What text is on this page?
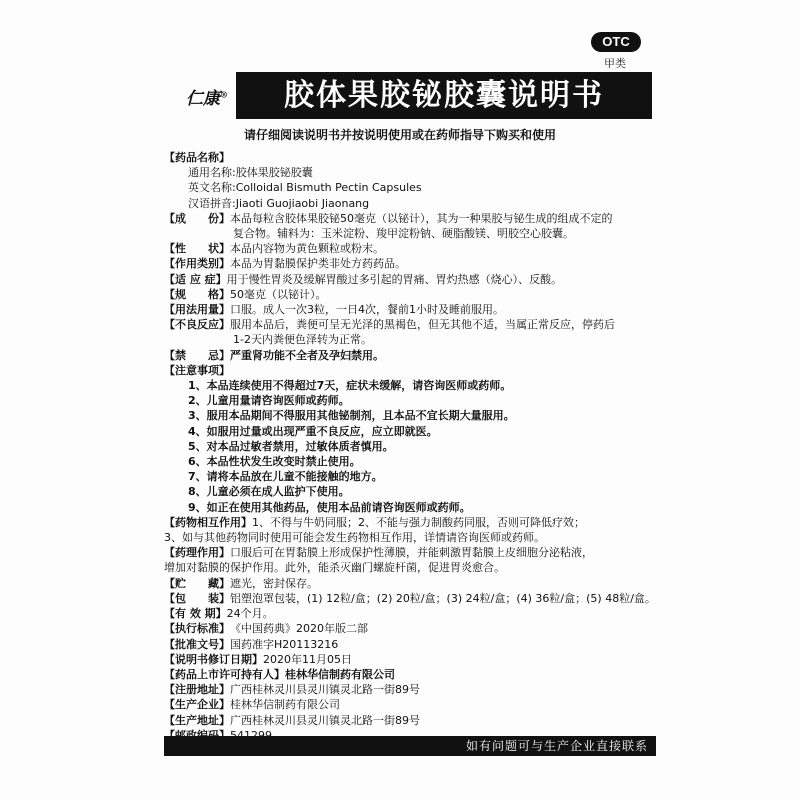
OTC
甲类
仁康®	胶体果胶铋胶囊说明书
请仔细阅读说明书并按说明使用或在药师指导下购买和使用
【药品名称】
通用名称: 胶体果胶铋胶囊
英文名称: Colloidal Bismuth Pectin Capsules
汉语拼音: Jiaoti Guojiaobi Jiaonang
【成　　份】 本品每粒含胶体果胶铋50毫克（以铋计），其为一种果胶与铋生成的组成不定的
复合物。辅料为：玉米淀粉、羧甲淀粉钠、硬脂酸镁、明胶空心胶囊。
【性　　状】 本品内容物为黄色颗粒或粉末。
【作用类别】 本品为胃黏膜保护类非处方药药品。
【适 应 症】 用于慢性胃炎及缓解胃酸过多引起的胃痛、胃灼热感（烧心）、反酸。
【规　　格】 50毫克（以铋计）。
【用法用量】 口服。成人一次3粒，一日4次，餐前1小时及睡前服用。
【不良反应】 服用本品后，粪便可呈无光泽的黑褐色，但无其他不适，当属正常反应，停药后
1-2天内粪便色泽转为正常。
【禁　　忌】 严重肾功能不全者及孕妇禁用。
【注意事项】
1、本品连续使用不得超过7天，症状未缓解，请咨询医师或药师。
2、儿童用量请咨询医师或药师。
3、服用本品期间不得服用其他铋制剂，且本品不宜长期大量服用。
4、如服用过量或出现严重不良反应，应立即就医。
5、对本品过敏者禁用，过敏体质者慎用。
6、本品性状发生改变时禁止使用。
7、请将本品放在儿童不能接触的地方。
8、儿童必须在成人监护下使用。
9、如正在使用其他药品，使用本品前请咨询医师或药师。
【药物相互作用】 1、不得与牛奶同服；2、不能与强力制酸药同服，否则可降低疗效；
3、如与其他药物同时使用可能会发生药物相互作用，详情请咨询医师或药师。
【药理作用】 口服后可在胃黏膜上形成保护性薄膜，并能刺激胃黏膜上皮细胞分泌粘液，
增加对黏膜的保护作用。此外，能杀灭幽门螺旋杆菌，促进胃炎愈合。
【贮　　藏】 遮光，密封保存。
【包　　装】 铝塑泡罩包装，(1) 12粒/盒；(2) 20粒/盒；(3) 24粒/盒；(4) 36粒/盒；(5) 48粒/盒。
【有 效 期】 24个月。
【执行标准】 《中国药典》2020年版二部
【批准文号】 国药准字H20113216
【说明书修订日期】 2020年11月05日
【药品上市许可持有人】 桂林华信制药有限公司
【注册地址】 广西桂林灵川县灵川镇灵北路一街89号
【生产企业】 桂林华信制药有限公司
【生产地址】 广西桂林灵川县灵川镇灵北路一街89号
如有问题可与生产企业直接联系
